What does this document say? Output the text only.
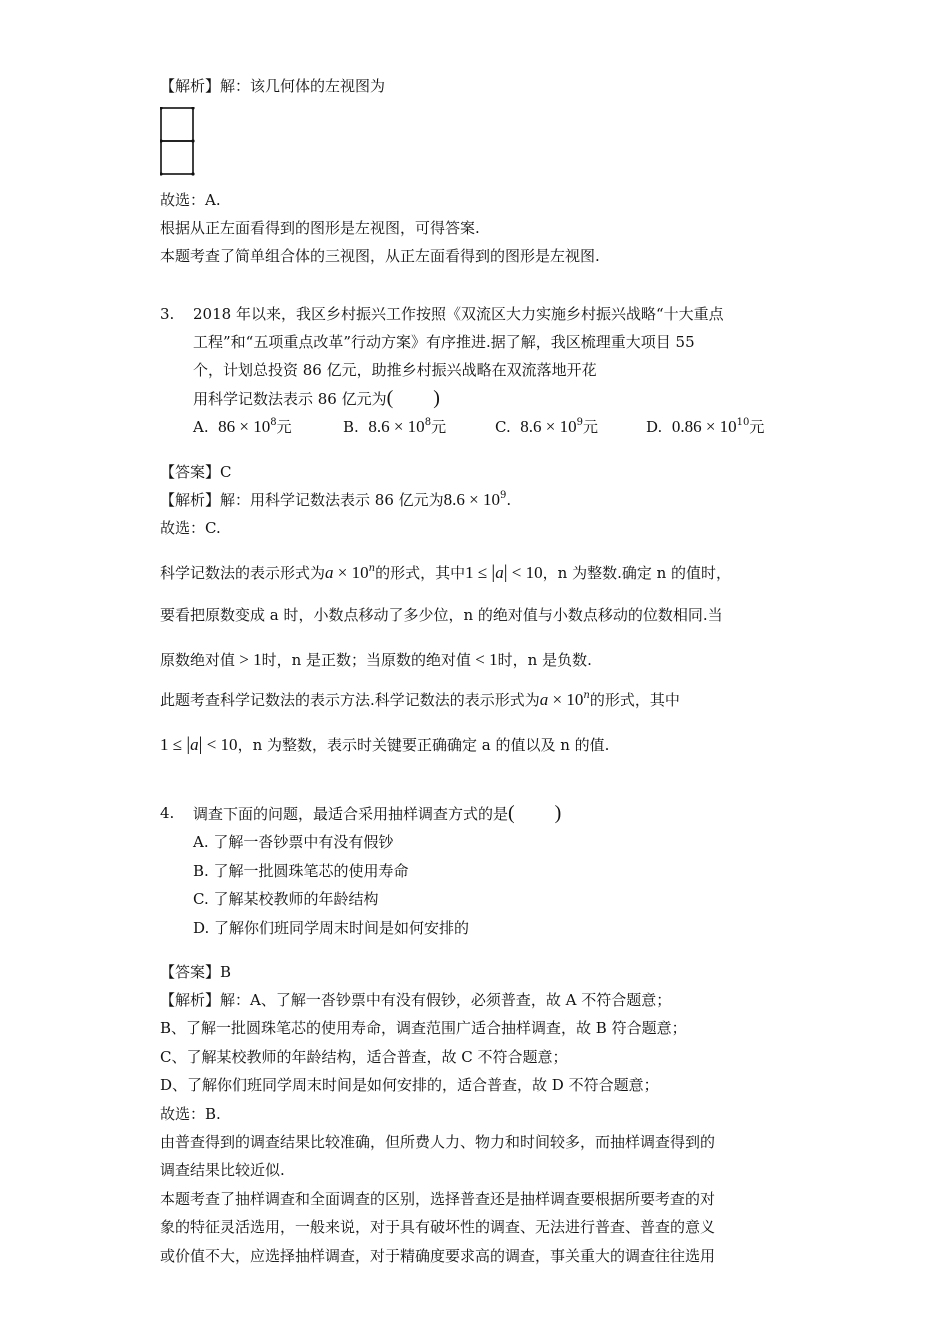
【解析】解：该几何体的左视图为
故选：A.
根据从正左面看得到的图形是左视图，可得答案.
本题考查了简单组合体的三视图，从正左面看得到的图形是左视图.
3. 2018 年以来，我区乡村振兴工作按照《双流区大力实施乡村振兴战略“十大重点
工程”和“五项重点改革”行动方案》有序推进.据了解，我区梳理重大项目 55
个，计划总投资 86 亿元，助推乡村振兴战略在双流落地开花
用科学记数法表示 86 亿元为(　　)
A. $86 \times 10^8$元	B. $8.6 \times 10^8$元	C. $8.6 \times 10^9$元	D. $0.86 \times 10^{10}$元
【答案】C
【解析】解：用科学记数法表示 86 亿元为$8.6 \times 10^9$.
故选：C.
科学记数法的表示形式为$a \times 10^n$的形式，其中1 ≤ |a| < 10，n 为整数.确定 n 的值时，
要看把原数变成 a 时，小数点移动了多少位，n 的绝对值与小数点移动的位数相同.当
原数绝对值 > 1时，n 是正数；当原数的绝对值 < 1时，n 是负数.
此题考查科学记数法的表示方法.科学记数法的表示形式为$a \times 10^n$的形式，其中
1 ≤ |a| < 10，n 为整数，表示时关键要正确确定 a 的值以及 n 的值.
4. 调查下面的问题，最适合采用抽样调查方式的是(　　)
A. 了解一沓钞票中有没有假钞
B. 了解一批圆珠笔芯的使用寿命
C. 了解某校教师的年龄结构
D. 了解你们班同学周末时间是如何安排的
【答案】B
【解析】解：A、了解一沓钞票中有没有假钞，必须普查，故 A 不符合题意；
B、了解一批圆珠笔芯的使用寿命，调查范围广适合抽样调查，故 B 符合题意；
C、了解某校教师的年龄结构，适合普查，故 C 不符合题意；
D、了解你们班同学周末时间是如何安排的，适合普查，故 D 不符合题意；
故选：B.
由普查得到的调查结果比较准确，但所费人力、物力和时间较多，而抽样调查得到的
调查结果比较近似.
本题考查了抽样调查和全面调查的区别，选择普查还是抽样调查要根据所要考查的对
象的特征灵活选用，一般来说，对于具有破坏性的调查、无法进行普查、普查的意义
或价值不大，应选择抽样调查，对于精确度要求高的调查，事关重大的调查往往选用
